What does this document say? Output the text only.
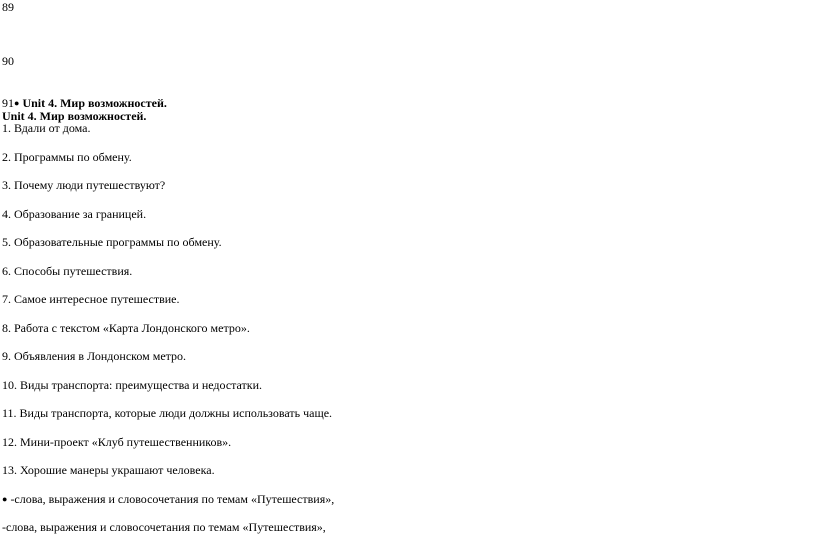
89
90
91● Unit 4. Мир возможностей.
Unit 4. Мир возможностей.
1. Вдали от дома.
2. Программы по обмену.
3. Почему люди путешествуют?
4. Образование за границей.
5. Образовательные программы по обмену.
6. Способы путешествия.
7. Самое интересное путешествие.
8. Работа с текстом «Карта Лондонского метро».
9. Объявления в Лондонском метро.
10. Виды транспорта: преимущества и недостатки.
11. Виды транспорта, которые люди должны использовать чаще.
12. Мини-проект «Клуб путешественников».
13. Хорошие манеры украшают человека.
● -слова, выражения и словосочетания по темам «Путешествия»,
-слова, выражения и словосочетания по темам «Путешествия»,
